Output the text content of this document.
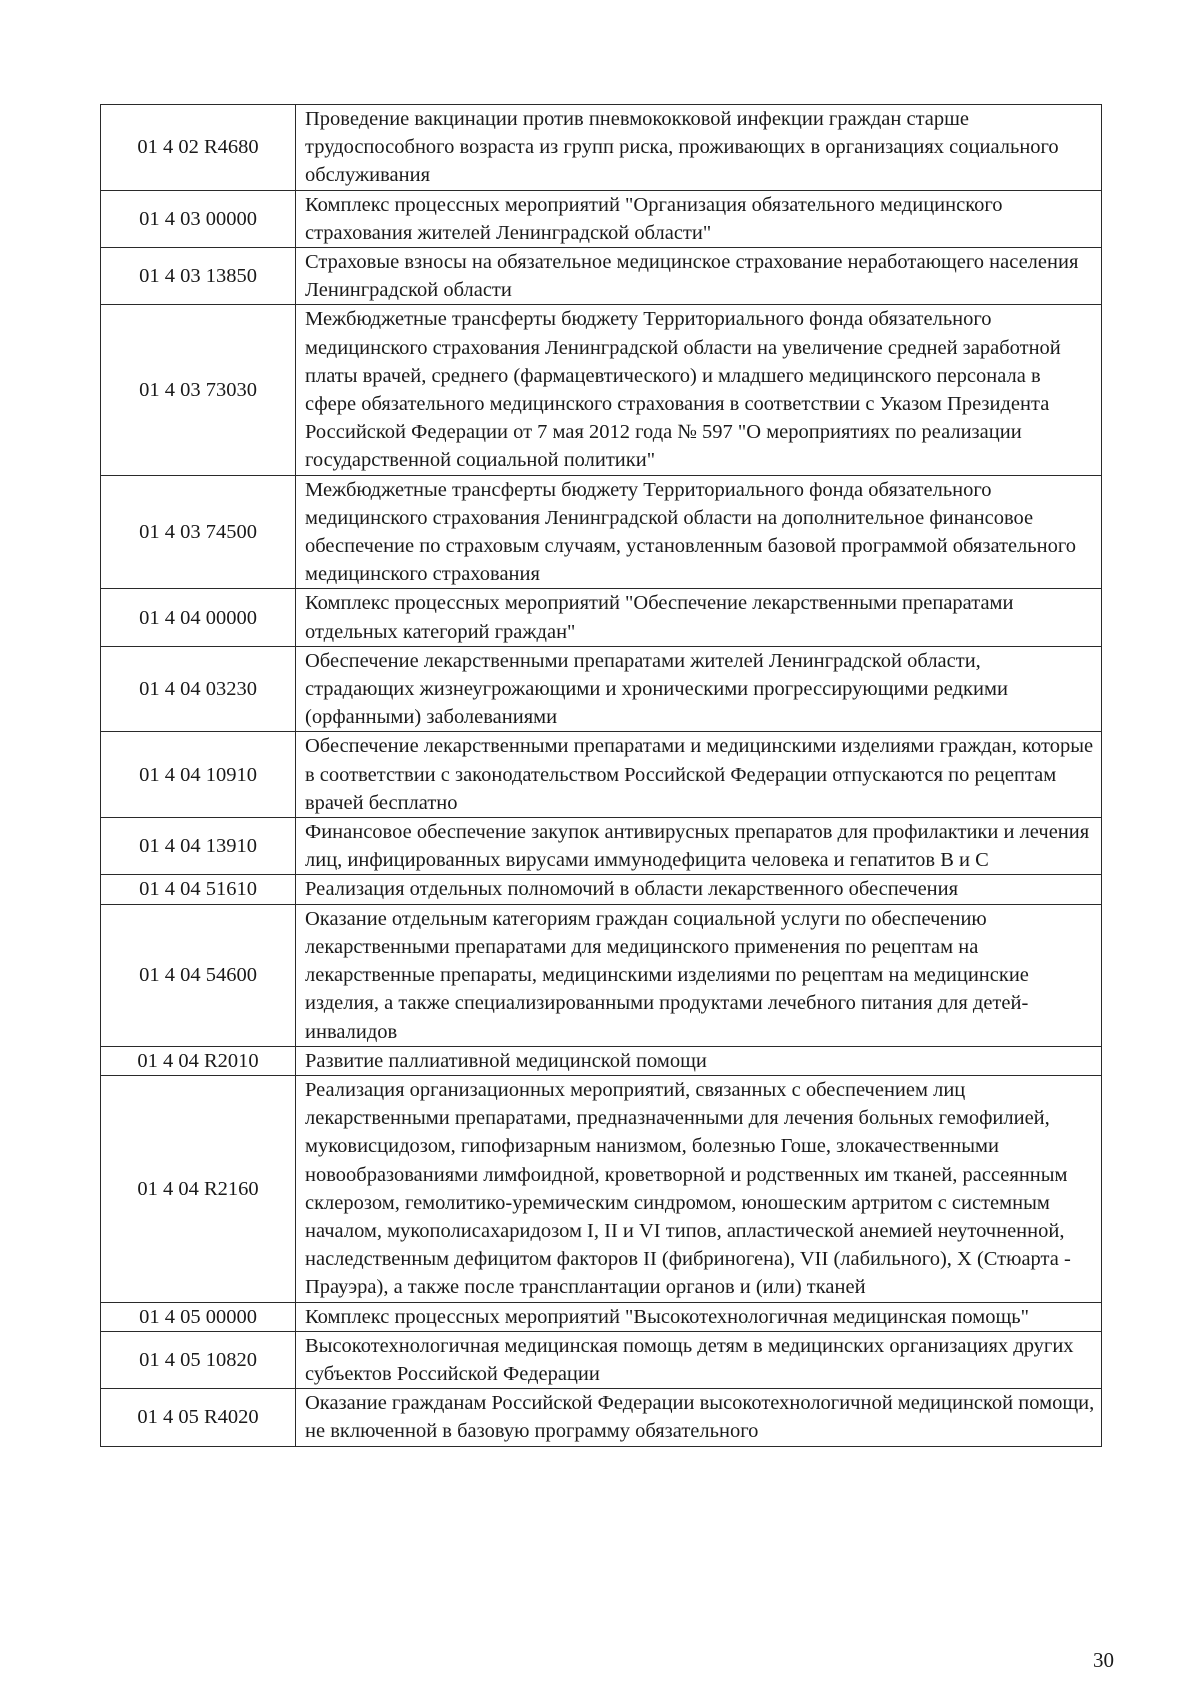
01 4 02 R4680	Проведение вакцинации против пневмококковой инфекции граждан старше трудоспособного возраста из групп риска, проживающих в организациях социального обслуживания
01 4 03 00000	Комплекс процессных мероприятий "Организация обязательного медицинского страхования жителей Ленинградской области"
01 4 03 13850	Страховые взносы на обязательное медицинское страхование неработающего населения Ленинградской области
01 4 03 73030	Межбюджетные трансферты бюджету Территориального фонда обязательного медицинского страхования Ленинградской области на увеличение средней заработной платы врачей, среднего (фармацевтического) и младшего медицинского персонала в сфере обязательного медицинского страхования в соответствии с Указом Президента Российской Федерации от 7 мая 2012 года № 597 "О мероприятиях по реализации государственной социальной политики"
01 4 03 74500	Межбюджетные трансферты бюджету Территориального фонда обязательного медицинского страхования Ленинградской области на дополнительное финансовое обеспечение по страховым случаям, установленным базовой программой обязательного медицинского страхования
01 4 04 00000	Комплекс процессных мероприятий "Обеспечение лекарственными препаратами отдельных категорий граждан"
01 4 04 03230	Обеспечение лекарственными препаратами жителей Ленинградской области, страдающих жизнеугрожающими и хроническими прогрессирующими редкими (орфанными) заболеваниями
01 4 04 10910	Обеспечение лекарственными препаратами и медицинскими изделиями граждан, которые в соответствии с законодательством Российской Федерации отпускаются по рецептам врачей бесплатно
01 4 04 13910	Финансовое обеспечение закупок антивирусных препаратов для профилактики и лечения лиц, инфицированных вирусами иммунодефицита человека и гепатитов В и С
01 4 04 51610	Реализация отдельных полномочий в области лекарственного обеспечения
01 4 04 54600	Оказание отдельным категориям граждан социальной услуги по обеспечению лекарственными препаратами для медицинского применения по рецептам на лекарственные препараты, медицинскими изделиями по рецептам на медицинские изделия, а также специализированными продуктами лечебного питания для детей-инвалидов
01 4 04 R2010	Развитие паллиативной медицинской помощи
01 4 04 R2160	Реализация организационных мероприятий, связанных с обеспечением лиц лекарственными препаратами, предназначенными для лечения больных гемофилией, муковисцидозом, гипофизарным нанизмом, болезнью Гоше, злокачественными новообразованиями лимфоидной, кроветворной и родственных им тканей, рассеянным склерозом, гемолитико-уремическим синдромом, юношеским артритом с системным началом, мукополисахаридозом I, II и VI типов, апластической анемией неуточненной, наследственным дефицитом факторов II (фибриногена), VII (лабильного), X (Стюарта - Прауэра), а также после трансплантации органов и (или) тканей
01 4 05 00000	Комплекс процессных мероприятий "Высокотехнологичная медицинская помощь"
01 4 05 10820	Высокотехнологичная медицинская помощь детям в медицинских организациях других субъектов Российской Федерации
01 4 05 R4020	Оказание гражданам Российской Федерации высокотехнологичной медицинской помощи, не включенной в базовую программу обязательного
30
